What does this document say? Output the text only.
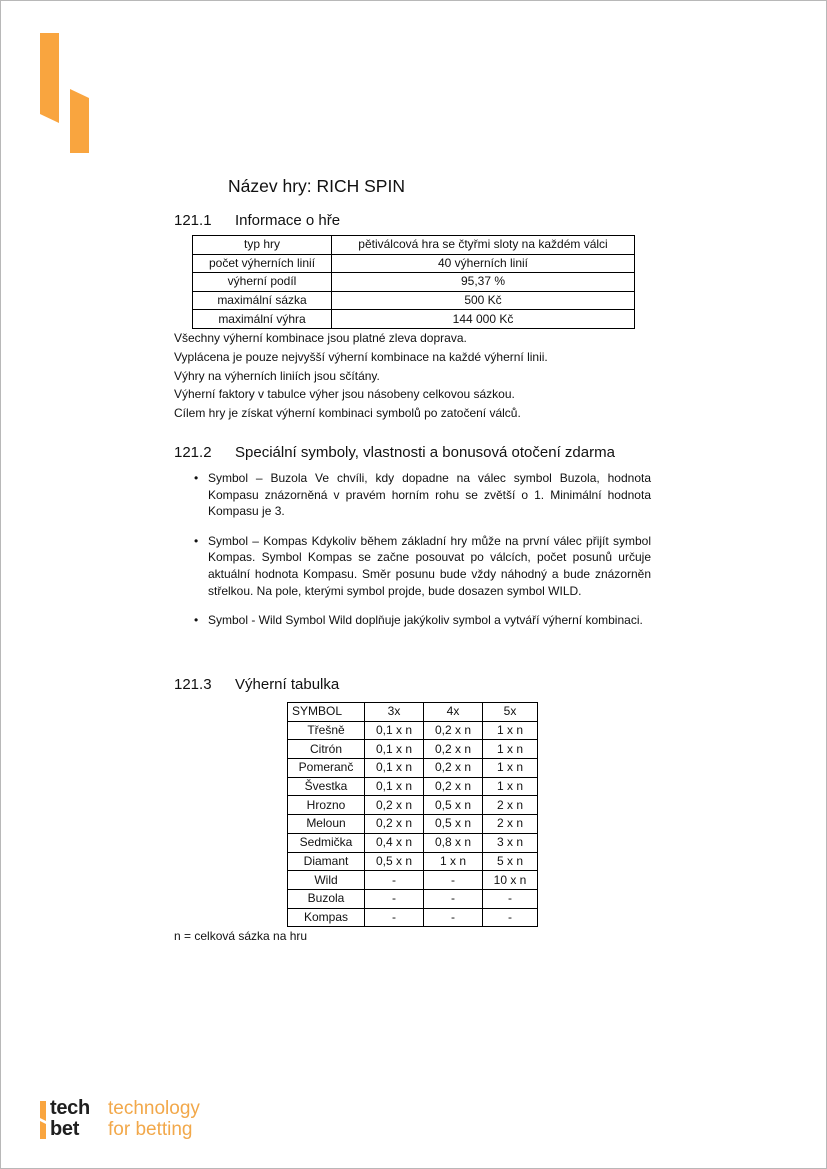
Název hry: RICH SPIN
121.1 Informace o hře
typ hry	pětiválcová hra se čtyřmi sloty na každém válci
počet výherních linií	40 výherních linií
výherní podíl	95,37 %
maximální sázka	500 Kč
maximální výhra	144 000 Kč
Všechny výherní kombinace jsou platné zleva doprava.
Vyplácena je pouze nejvyšší výherní kombinace na každé výherní linii.
Výhry na výherních liniích jsou sčítány.
Výherní faktory v tabulce výher jsou násobeny celkovou sázkou.
Cílem hry je získat výherní kombinaci symbolů po zatočení válců.
121.2 Speciální symboly, vlastnosti a bonusová otočení zdarma
• Symbol – Buzola Ve chvíli, kdy dopadne na válec symbol Buzola, hodnota Kompasu znázorněná v pravém horním rohu se zvětší o 1. Minimální hodnota Kompasu je 3.
• Symbol – Kompas Kdykoliv během základní hry může na první válec přijít symbol Kompas. Symbol Kompas se začne posouvat po válcích, počet posunů určuje aktuální hodnota Kompasu. Směr posunu bude vždy náhodný a bude znázorněn střelkou. Na pole, kterými symbol projde, bude dosazen symbol WILD.
• Symbol - Wild Symbol Wild doplňuje jakýkoliv symbol a vytváří výherní kombinaci.
121.3 Výherní tabulka
SYMBOL	3x	4x	5x
Třešně	0,1 x n	0,2 x n	1 x n
Citrón	0,1 x n	0,2 x n	1 x n
Pomeranč	0,1 x n	0,2 x n	1 x n
Švestka	0,1 x n	0,2 x n	1 x n
Hrozno	0,2 x n	0,5 x n	2 x n
Meloun	0,2 x n	0,5 x n	2 x n
Sedmička	0,4 x n	0,8 x n	3 x n
Diamant	0,5 x n	1 x n	5 x n
Wild	-	-	10 x n
Buzola	-	-	-
Kompas	-	-	-
n = celková sázka na hru
tech
bet
technology
for betting
